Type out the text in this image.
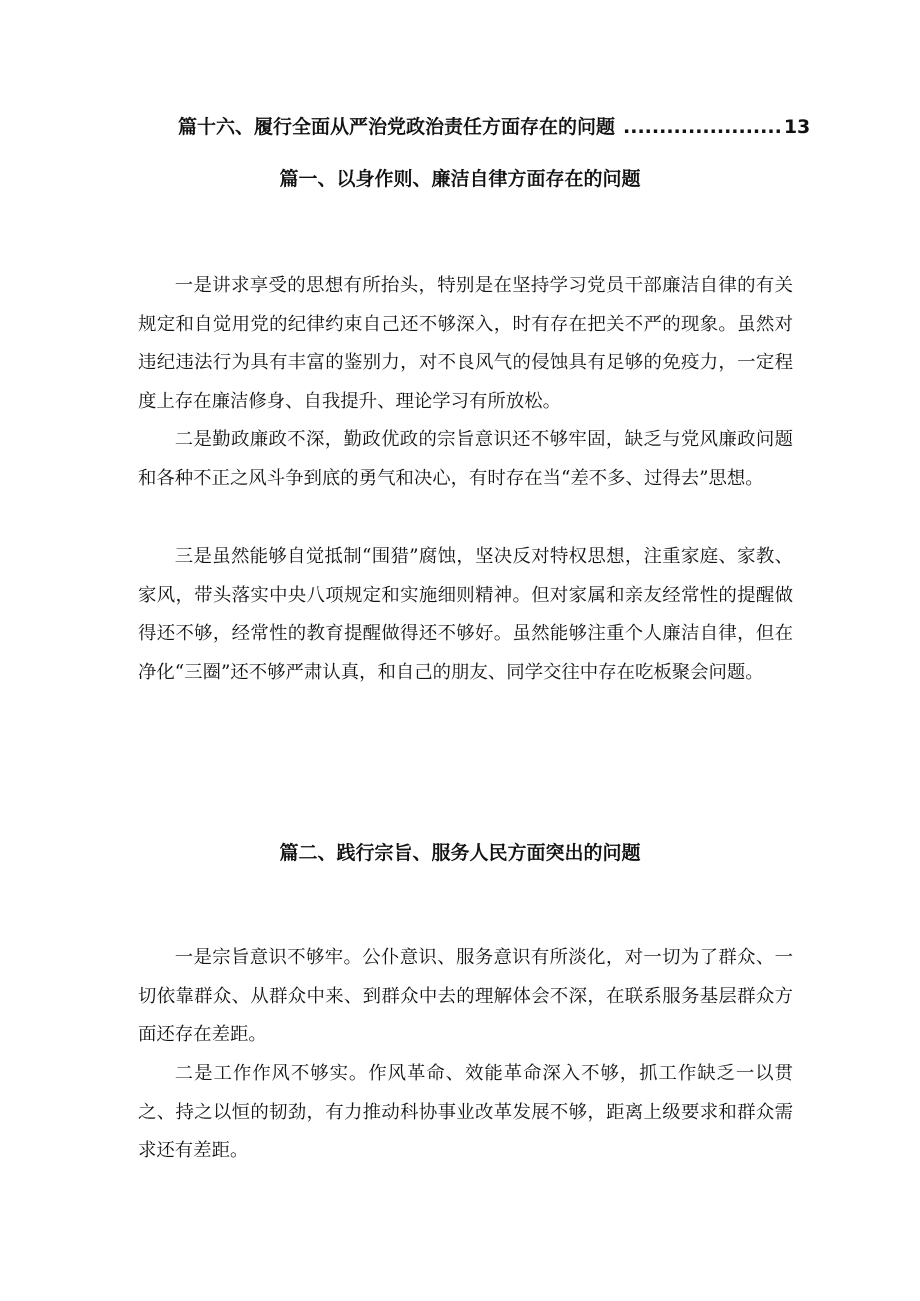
篇十六、履行全面从严治党政治责任方面存在的问题 ...................... 13
篇一、以身作则、廉洁自律方面存在的问题

一是讲求享受的思想有所抬头，特别是在坚持学习党员干部廉洁自律的有关规定和自觉用党的纪律约束自己还不够深入，时有存在把关不严的现象。虽然对违纪违法行为具有丰富的鉴别力，对不良风气的侵蚀具有足够的免疫力，一定程度上存在廉洁修身、自我提升、理论学习有所放松。

二是勤政廉政不深，勤政优政的宗旨意识还不够牢固，缺乏与党风廉政问题和各种不正之风斗争到底的勇气和决心，有时存在当“差不多、过得去”思想。

三是虽然能够自觉抵制“围猎”腐蚀，坚决反对特权思想，注重家庭、家教、家风，带头落实中央八项规定和实施细则精神。但对家属和亲友经常性的提醒做得还不够，经常性的教育提醒做得还不够好。虽然能够注重个人廉洁自律，但在净化“三圈”还不够严肃认真，和自己的朋友、同学交往中存在吃板聚会问题。

篇二、践行宗旨、服务人民方面突出的问题

一是宗旨意识不够牢。公仆意识、服务意识有所淡化，对一切为了群众、一切依靠群众、从群众中来、到群众中去的理解体会不深，在联系服务基层群众方面还存在差距。

二是工作作风不够实。作风革命、效能革命深入不够，抓工作缺乏一以贯之、持之以恒的韧劲，有力推动科协事业改革发展不够，距离上级要求和群众需求还有差距。
